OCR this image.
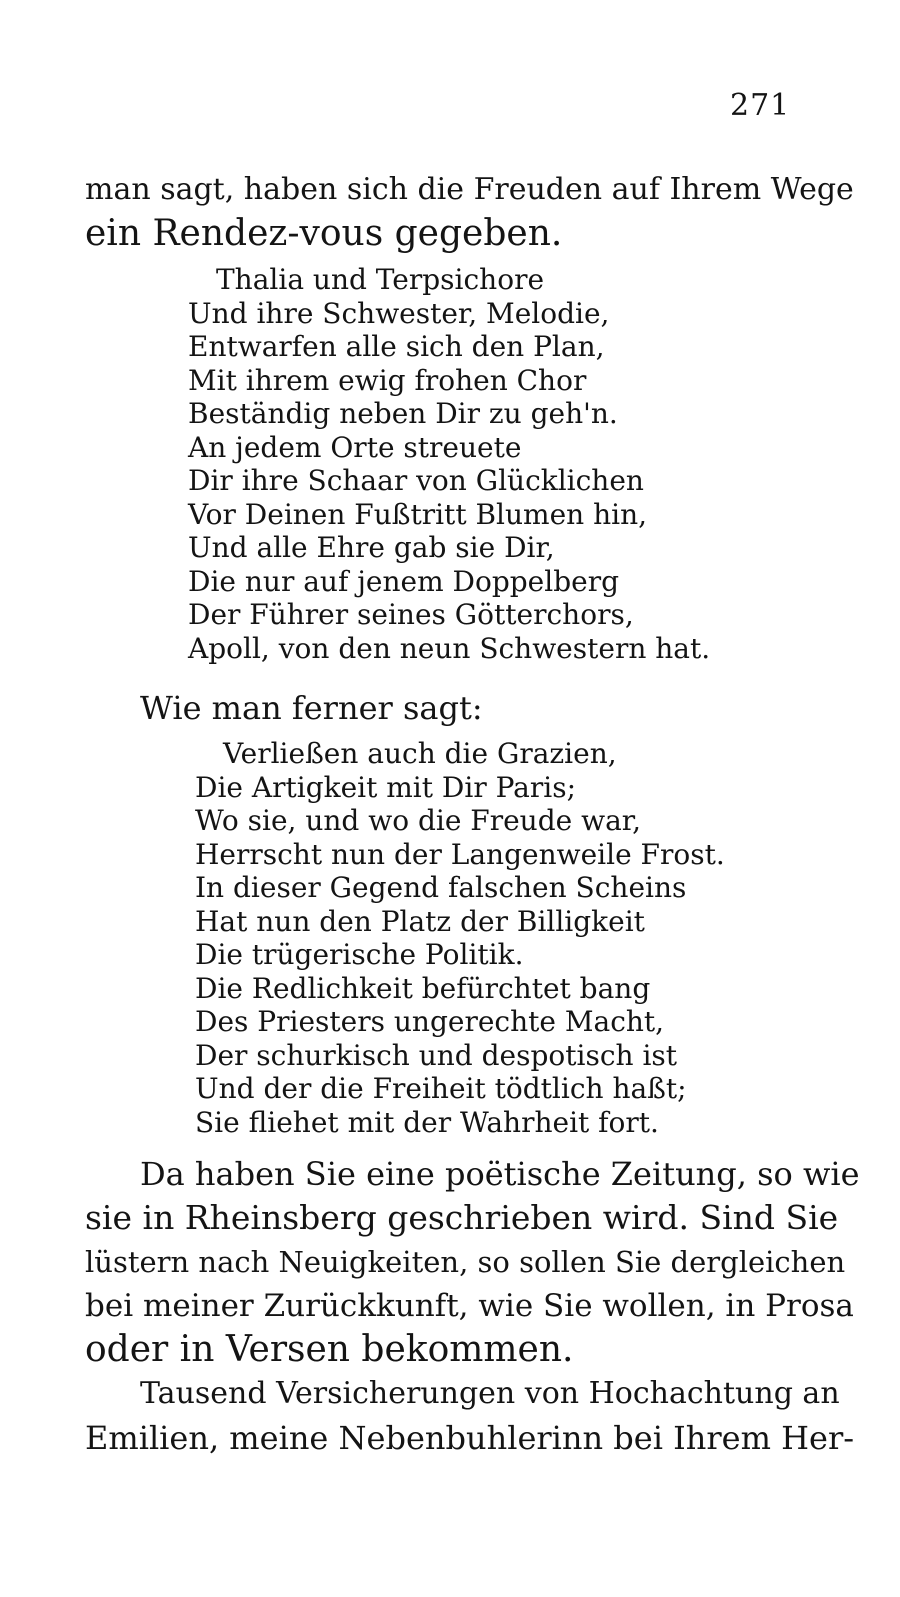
271
man sagt, haben sich die Freuden auf Ihrem Wege
ein Rendez-vous gegeben.
Thalia und Terpsichore
Und ihre Schwester, Melodie,
Entwarfen alle sich den Plan,
Mit ihrem ewig frohen Chor
Beständig neben Dir zu geh'n.
An jedem Orte streuete
Dir ihre Schaar von Glücklichen
Vor Deinen Fußtritt Blumen hin,
Und alle Ehre gab sie Dir,
Die nur auf jenem Doppelberg
Der Führer seines Götterchors,
Apoll, von den neun Schwestern hat.
Wie man ferner sagt:
Verließen auch die Grazien,
Die Artigkeit mit Dir Paris;
Wo sie, und wo die Freude war,
Herrscht nun der Langenweile Frost.
In dieser Gegend falschen Scheins
Hat nun den Platz der Billigkeit
Die trügerische Politik.
Die Redlichkeit befürchtet bang
Des Priesters ungerechte Macht,
Der schurkisch und despotisch ist
Und der die Freiheit tödtlich haßt;
Sie fliehet mit der Wahrheit fort.
Da haben Sie eine poëtische Zeitung, so wie
sie in Rheinsberg geschrieben wird. Sind Sie
lüstern nach Neuigkeiten, so sollen Sie dergleichen
bei meiner Zurückkunft, wie Sie wollen, in Prosa
oder in Versen bekommen.
Tausend Versicherungen von Hochachtung an
Emilien, meine Nebenbuhlerinn bei Ihrem Her-
